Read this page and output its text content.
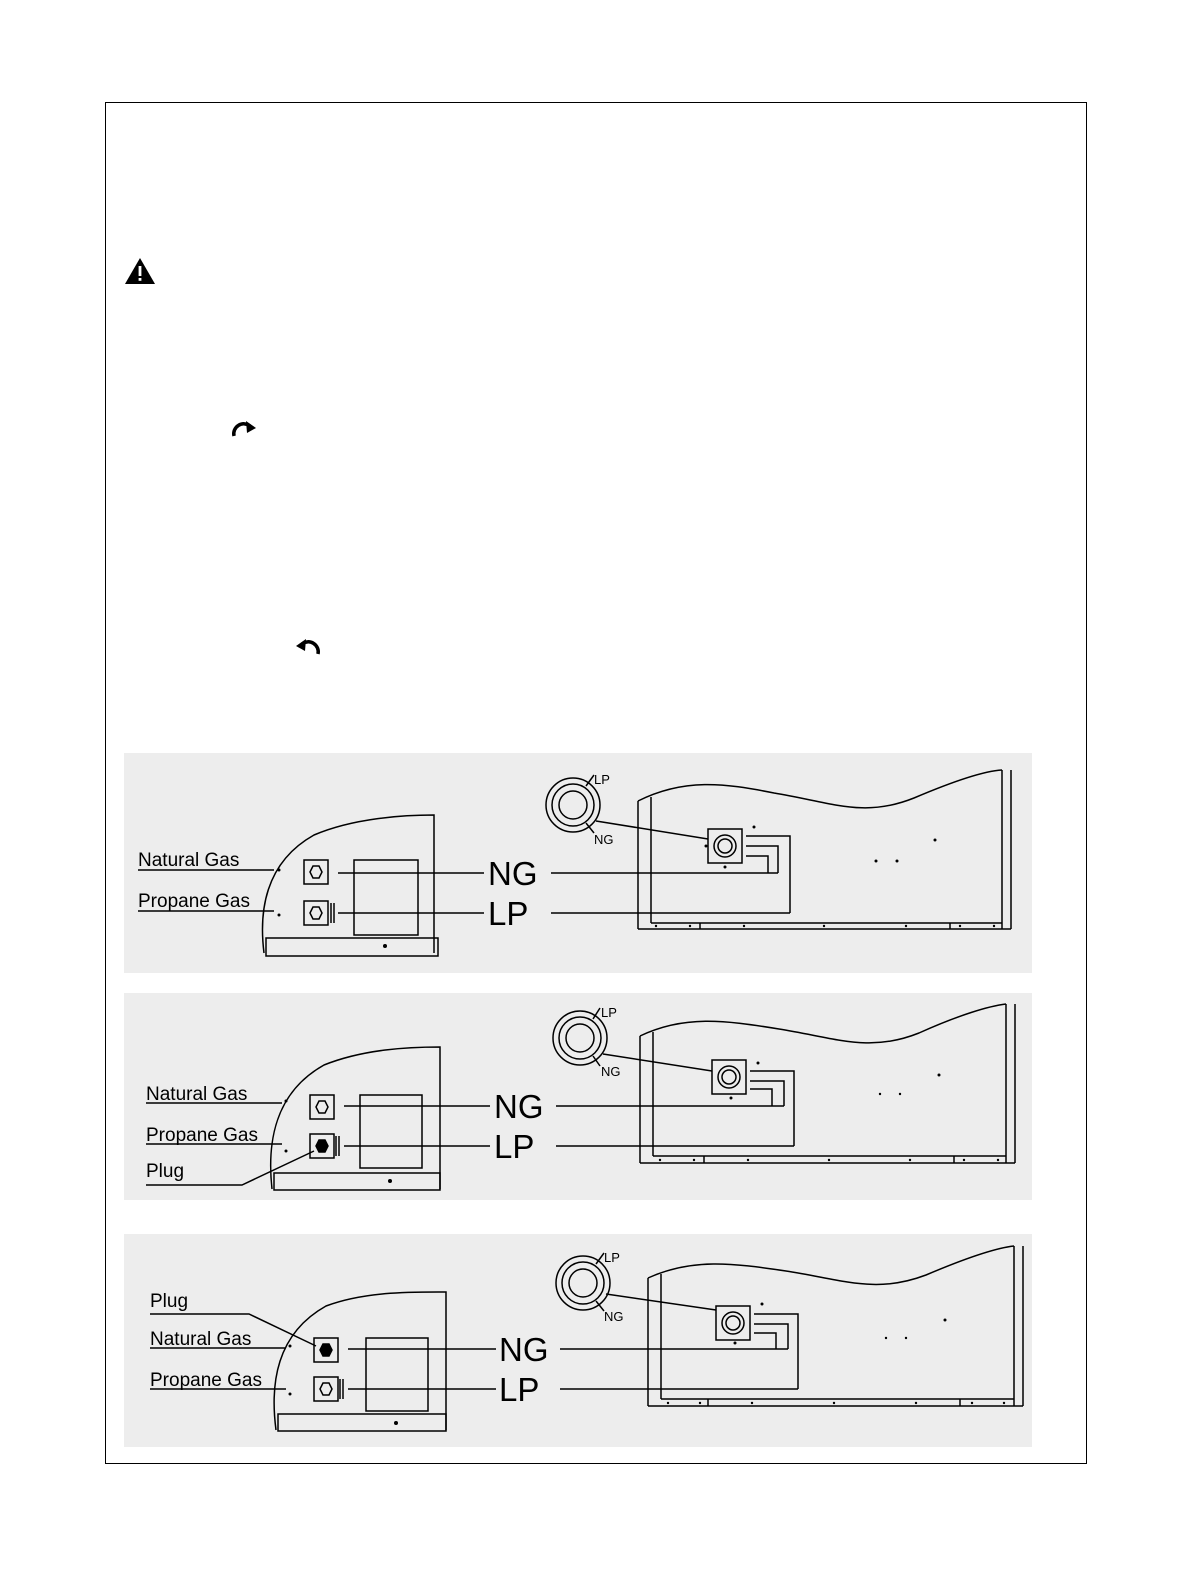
Natural Gas
Propane Gas
NG
LP
LP
NG
Natural Gas
Propane Gas
Plug
NG
LP
LP
NG
Plug
Natural Gas
Propane Gas
NG
LP
LP
NG
